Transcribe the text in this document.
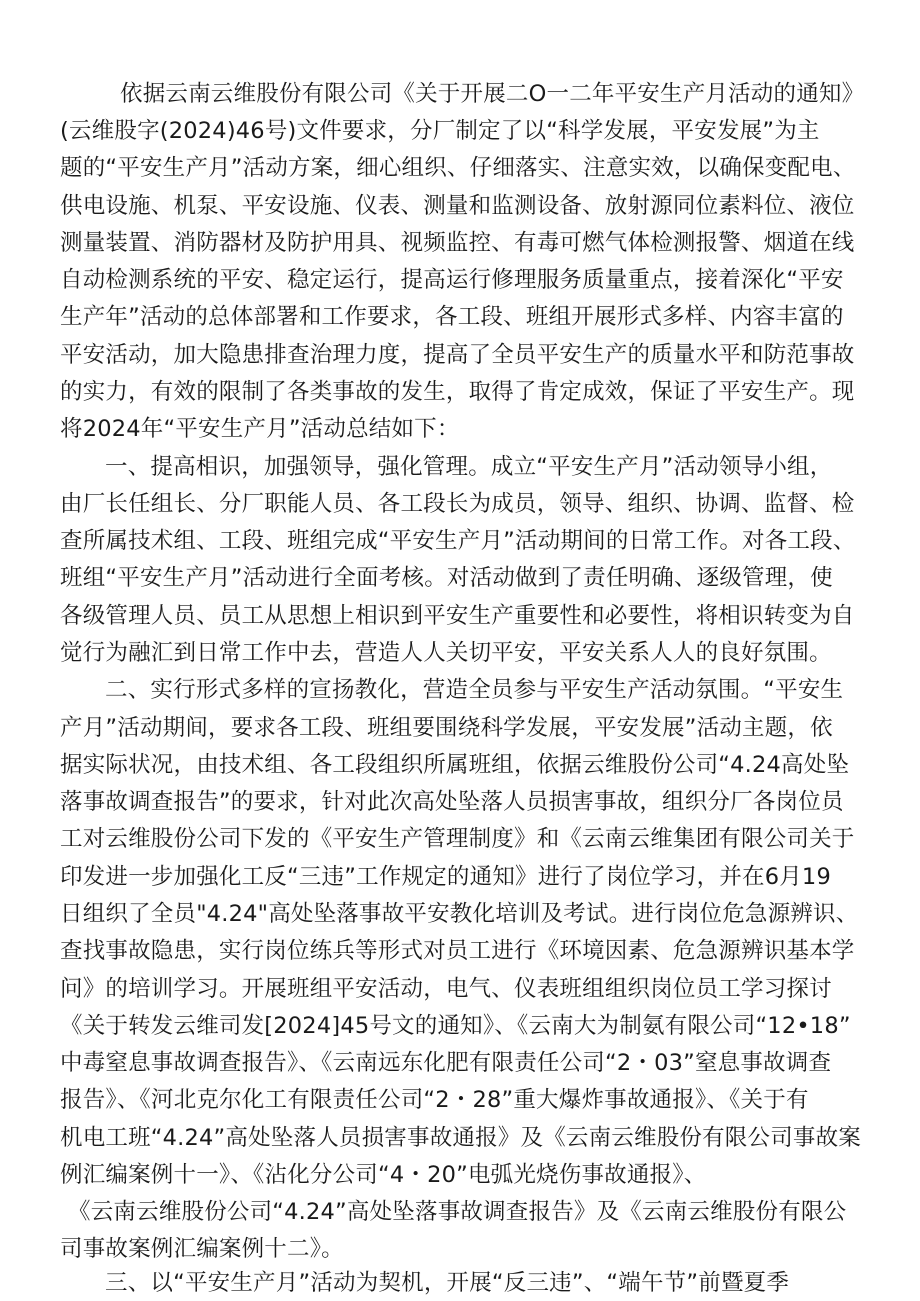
依据云南云维股份有限公司《关于开展二O一二年平安生产月活动的通知》
(云维股字(2024)46号)文件要求，分厂制定了以“科学发展，平安发展”为主
题的“平安生产月”活动方案，细心组织、仔细落实、注意实效，以确保变配电、
供电设施、机泵、平安设施、仪表、测量和监测设备、放射源同位素料位、液位
测量装置、消防器材及防护用具、视频监控、有毒可燃气体检测报警、烟道在线
自动检测系统的平安、稳定运行，提高运行修理服务质量重点，接着深化“平安
生产年”活动的总体部署和工作要求，各工段、班组开展形式多样、内容丰富的
平安活动，加大隐患排查治理力度，提高了全员平安生产的质量水平和防范事故
的实力，有效的限制了各类事故的发生，取得了肯定成效，保证了平安生产。现
将2024年“平安生产月”活动总结如下：
一、提高相识，加强领导，强化管理。成立“平安生产月”活动领导小组，
由厂长任组长、分厂职能人员、各工段长为成员，领导、组织、协调、监督、检
查所属技术组、工段、班组完成“平安生产月”活动期间的日常工作。对各工段、
班组“平安生产月”活动进行全面考核。对活动做到了责任明确、逐级管理，使
各级管理人员、员工从思想上相识到平安生产重要性和必要性，将相识转变为自
觉行为融汇到日常工作中去，营造人人关切平安，平安关系人人的良好氛围。
二、实行形式多样的宣扬教化，营造全员参与平安生产活动氛围。“平安生
产月”活动期间，要求各工段、班组要围绕科学发展，平安发展”活动主题，依
据实际状况，由技术组、各工段组织所属班组，依据云维股份公司“4.24高处坠
落事故调查报告”的要求，针对此次高处坠落人员损害事故，组织分厂各岗位员
工对云维股份公司下发的《平安生产管理制度》和《云南云维集团有限公司关于
印发进一步加强化工反“三违”工作规定的通知》进行了岗位学习，并在6月19
日组织了全员"4.24"高处坠落事故平安教化培训及考试。进行岗位危急源辨识、
查找事故隐患，实行岗位练兵等形式对员工进行《环境因素、危急源辨识基本学
问》的培训学习。开展班组平安活动，电气、仪表班组组织岗位员工学习探讨
《关于转发云维司发[2024]45号文的通知》、《云南大为制氨有限公司“12•18”
中毒窒息事故调查报告》、《云南远东化肥有限责任公司“2・03”窒息事故调查
报告》、《河北克尔化工有限责任公司“2・28”重大爆炸事故通报》、《关于有
机电工班“4.24”高处坠落人员损害事故通报》及《云南云维股份有限公司事故案
例汇编案例十一》、《沾化分公司“4・20”电弧光烧伤事故通报》、
《云南云维股份公司“4.24”高处坠落事故调查报告》及《云南云维股份有限公
司事故案例汇编案例十二》。
三、以“平安生产月”活动为契机，开展“反三违”、“端午节”前暨夏季
